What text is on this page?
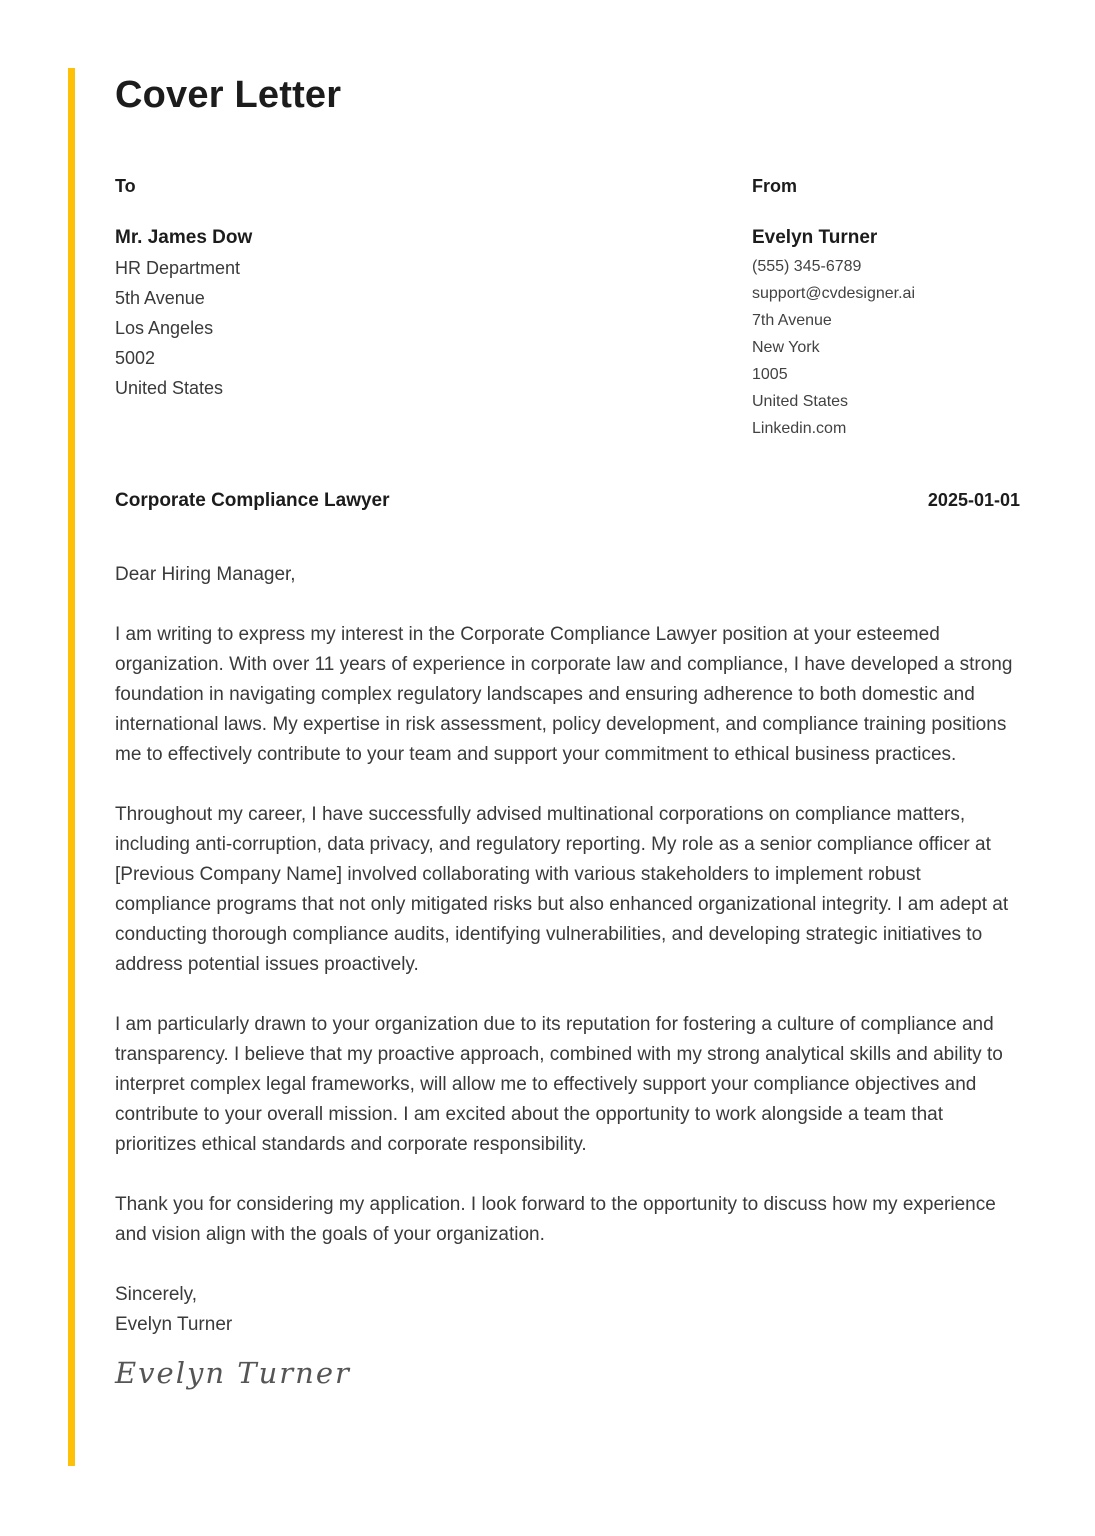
Cover Letter
To
Mr. James Dow
HR Department
5th Avenue
Los Angeles
5002
United States
From
Evelyn Turner
(555) 345-6789
support@cvdesigner.ai
7th Avenue
New York
1005
United States
Linkedin.com
Corporate Compliance Lawyer	2025-01-01
Dear Hiring Manager,

I am writing to express my interest in the Corporate Compliance Lawyer position at your esteemed organization. With over 11 years of experience in corporate law and compliance, I have developed a strong foundation in navigating complex regulatory landscapes and ensuring adherence to both domestic and international laws. My expertise in risk assessment, policy development, and compliance training positions me to effectively contribute to your team and support your commitment to ethical business practices.

Throughout my career, I have successfully advised multinational corporations on compliance matters, including anti-corruption, data privacy, and regulatory reporting. My role as a senior compliance officer at [Previous Company Name] involved collaborating with various stakeholders to implement robust compliance programs that not only mitigated risks but also enhanced organizational integrity. I am adept at conducting thorough compliance audits, identifying vulnerabilities, and developing strategic initiatives to address potential issues proactively.

I am particularly drawn to your organization due to its reputation for fostering a culture of compliance and transparency. I believe that my proactive approach, combined with my strong analytical skills and ability to interpret complex legal frameworks, will allow me to effectively support your compliance objectives and contribute to your overall mission. I am excited about the opportunity to work alongside a team that prioritizes ethical standards and corporate responsibility.

Thank you for considering my application. I look forward to the opportunity to discuss how my experience and vision align with the goals of your organization.

Sincerely,
Evelyn Turner
Evelyn Turner
